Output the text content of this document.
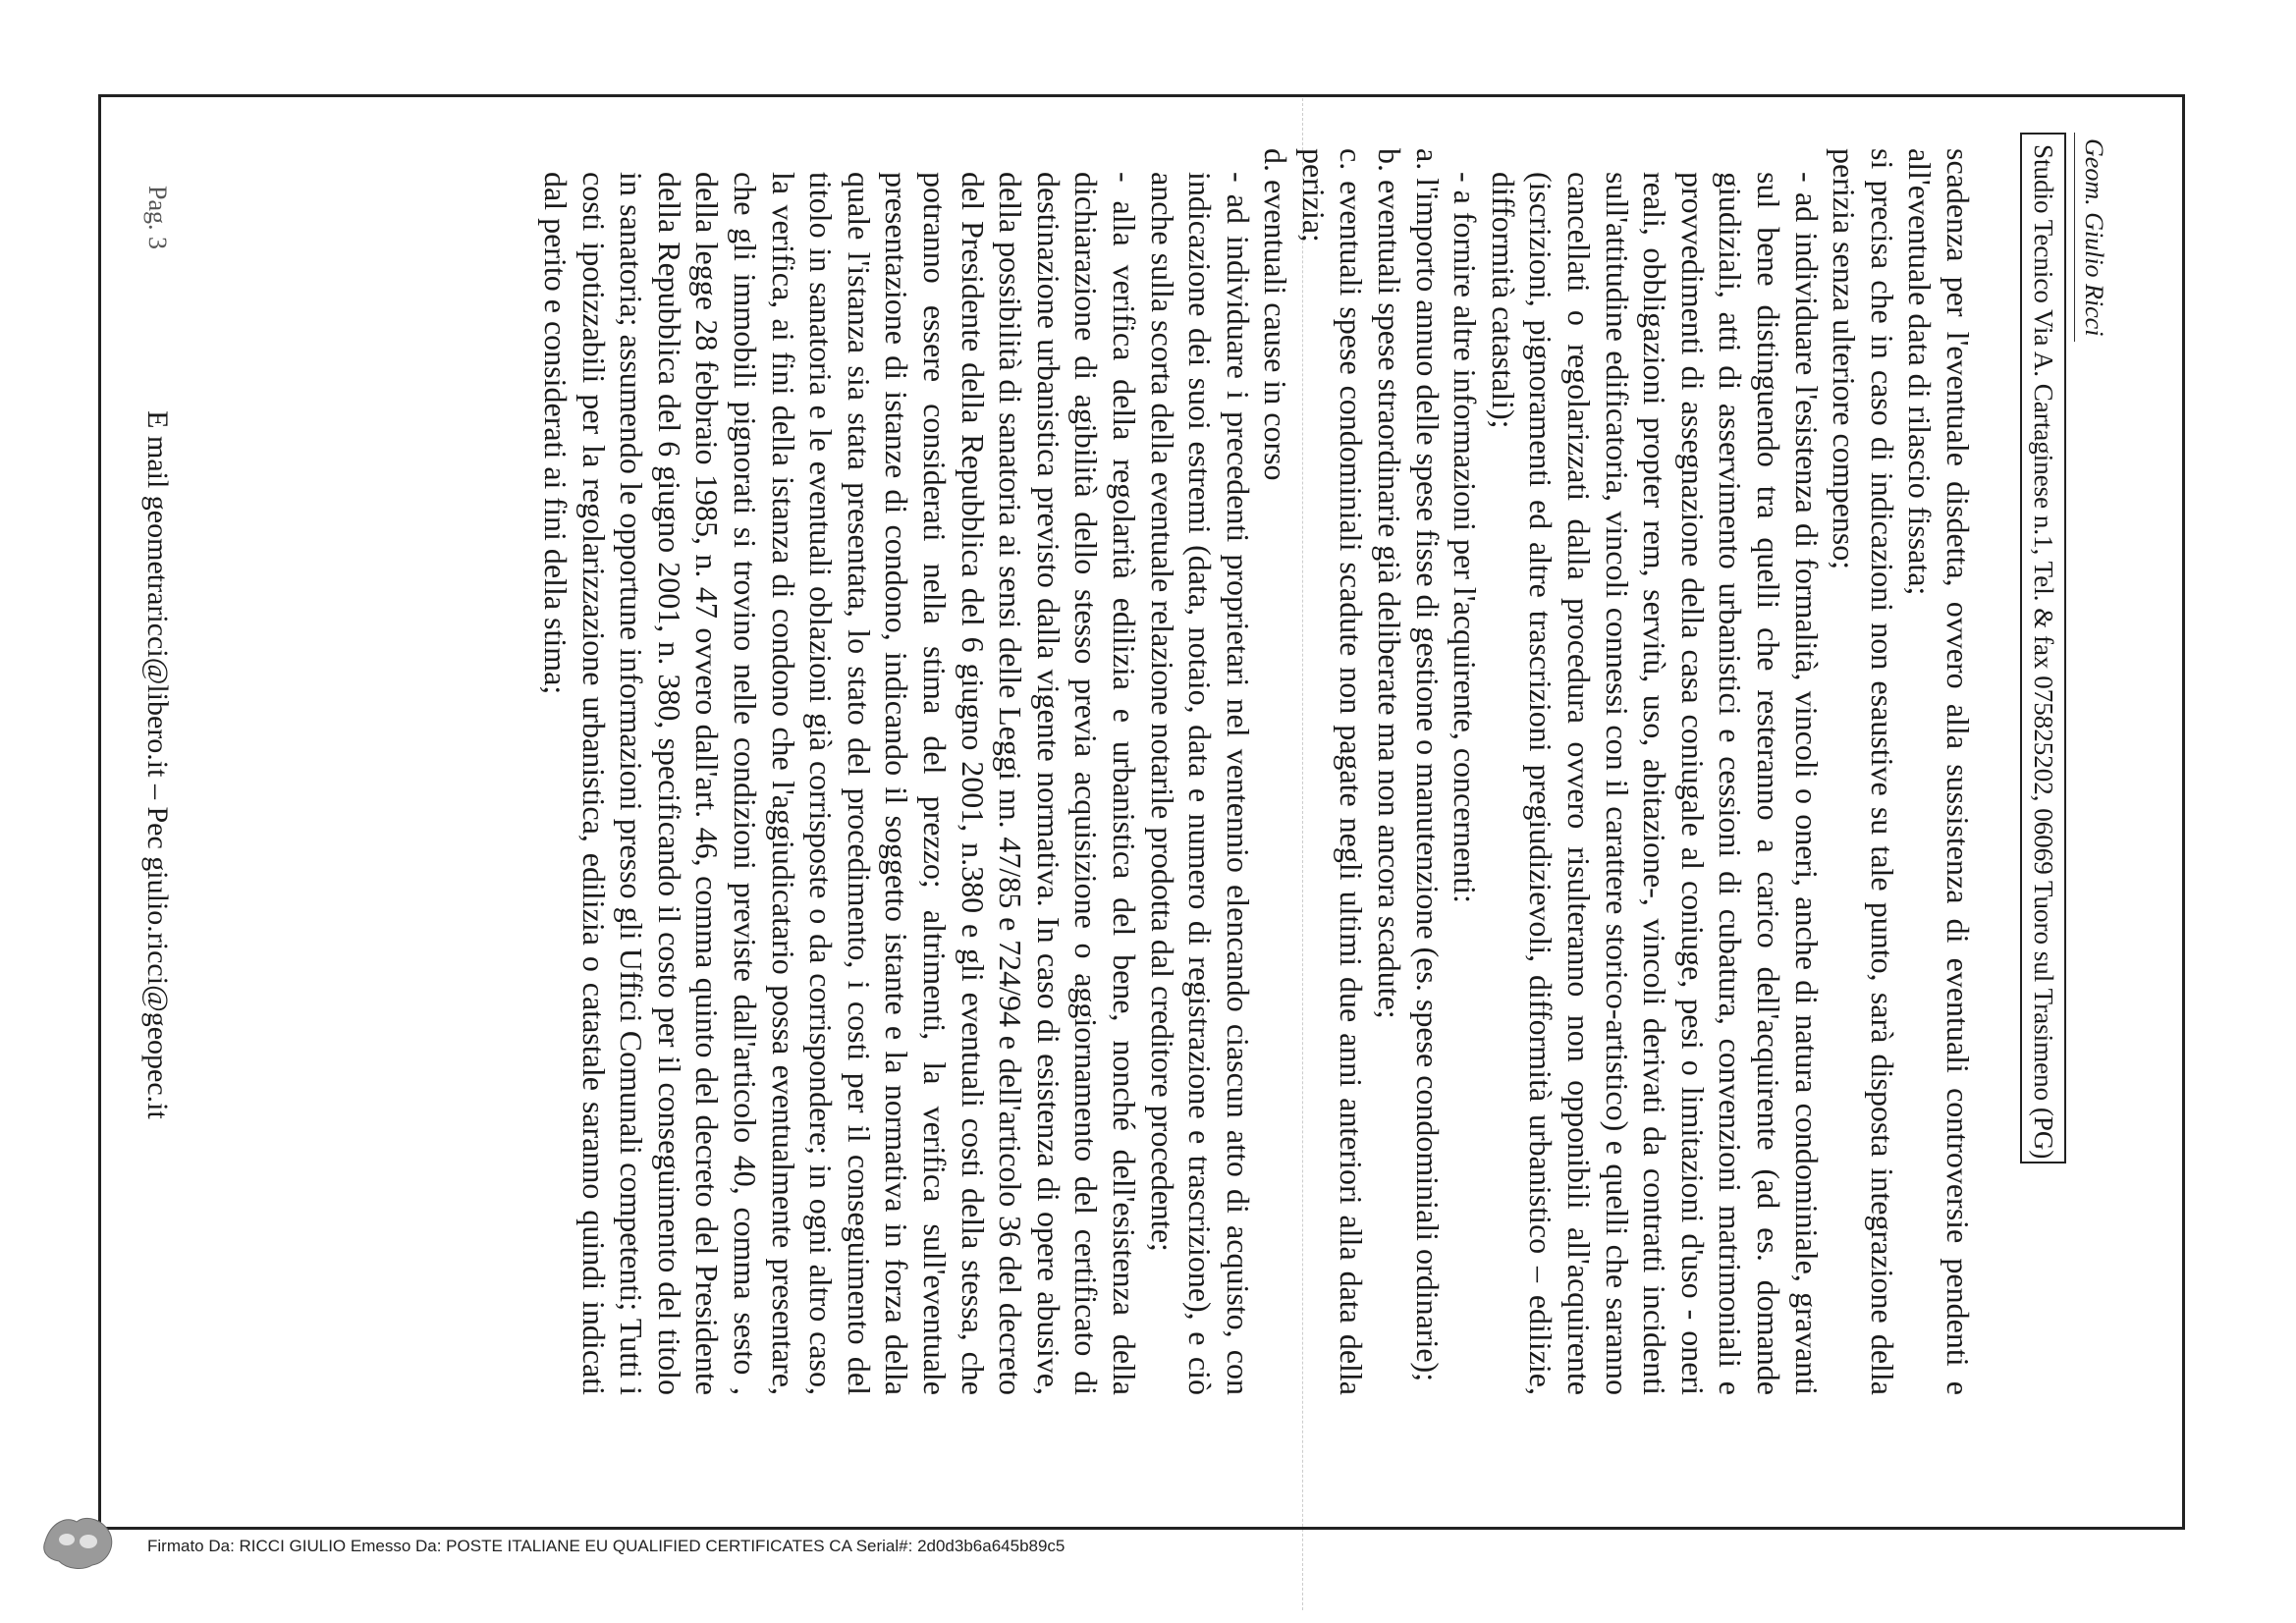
Geom. Giulio Ricci
Studio Tecnico Via A. Cartaginese n.1, Tel. & fax 075825202, 06069 Tuoro sul Trasimeno (PG)

scadenza per l'eventuale disdetta, ovvero alla sussistenza di eventuali controversie pendenti e all'eventuale data di rilascio fissata;

si precisa che in caso di indicazioni non esaustive su tale punto, sarà disposta integrazione della perizia senza ulteriore compenso;

- ad individuare l'esistenza di formalità, vincoli o oneri, anche di natura condominiale, gravanti sul bene distinguendo tra quelli che resteranno a carico dell'acquirente (ad es. domande giudiziali, atti di asservimento urbanistici e cessioni di cubatura, convenzioni matrimoniali e provvedimenti di assegnazione della casa coniugale al coniuge, pesi o limitazioni d'uso - oneri reali, obbligazioni propter rem, servitù, uso, abitazione-, vincoli derivati da contratti incidenti sull'attitudine edificatoria, vincoli connessi con il carattere storico-artistico) e quelli che saranno cancellati o regolarizzati dalla procedura ovvero risulteranno non opponibili all'acquirente (iscrizioni, pignoramenti ed altre trascrizioni pregiudizievoli, difformità urbanistico – edilizie, difformità catastali);

- a fornire altre informazioni per l'acquirente, concernenti:

a. l'importo annuo delle spese fisse di gestione o manutenzione (es. spese condominiali ordinarie);

b. eventuali spese straordinarie già deliberate ma non ancora scadute;

c. eventuali spese condominiali scadute non pagate negli ultimi due anni anteriori alla data della perizia;

d. eventuali cause in corso

- ad individuare i precedenti proprietari nel ventennio elencando ciascun atto di acquisto, con indicazione dei suoi estremi (data, notaio, data e numero di registrazione e trascrizione), e ciò anche sulla scorta della eventuale relazione notarile prodotta dal creditore procedente;

- alla verifica della regolarità edilizia e urbanistica del bene, nonché dell'esistenza della dichiarazione di agibilità dello stesso previa acquisizione o aggiornamento del certificato di destinazione urbanistica previsto dalla vigente normativa. In caso di esistenza di opere abusive, della possibilità di sanatoria ai sensi delle Leggi nn. 47/85 e 724/94 e dell'articolo 36 del decreto del Presidente della Repubblica del 6 giugno 2001, n.380 e gli eventuali costi della stessa, che potranno essere considerati nella stima del prezzo; altrimenti, la verifica sull'eventuale presentazione di istanze di condono, indicando il soggetto istante e la normativa in forza della quale l'istanza sia stata presentata, lo stato del procedimento, i costi per il conseguimento del titolo in sanatoria e le eventuali oblazioni già corrisposte o da corrispondere; in ogni altro caso, la verifica, ai fini della istanza di condono che l'aggiudicatario possa eventualmente presentare, che gli immobili pignorati si trovino nelle condizioni previste dall'articolo 40, comma sesto , della legge 28 febbraio 1985, n. 47 ovvero dall'art. 46, comma quinto del decreto del Presidente della Repubblica del 6 giugno 2001, n. 380, specificando il costo per il conseguimento del titolo in sanatoria; assumendo le opportune informazioni presso gli Uffici Comunali competenti; Tutti i costi ipotizzabili per la regolarizzazione urbanistica, edilizia o catastale saranno quindi indicati dal perito e considerati ai fini della stima;

Pag. 3
E mail geometraricci@libero.it – Pec giulio.ricci@geopec.it
Firmato Da: RICCI GIULIO Emesso Da: POSTE ITALIANE EU QUALIFIED CERTIFICATES CA Serial#: 2d0d3b6a645b89c5
